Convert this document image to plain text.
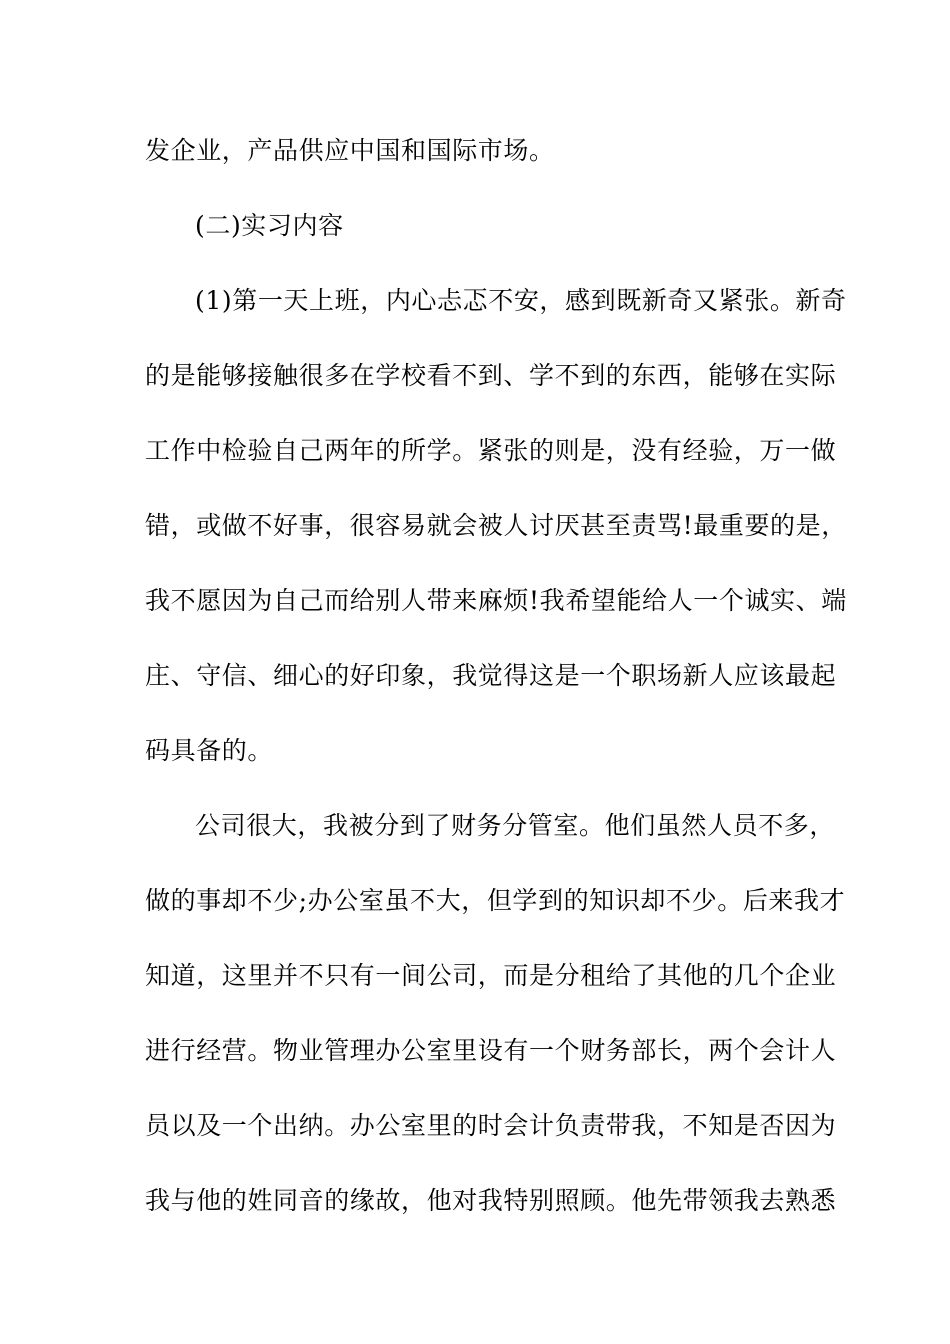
发企业，产品供应中国和国际市场。
(二)实习内容
(1)第一天上班，内心忐忑不安，感到既新奇又紧张。新奇
的是能够接触很多在学校看不到、学不到的东西，能够在实际
工作中检验自己两年的所学。紧张的则是，没有经验，万一做
错，或做不好事，很容易就会被人讨厌甚至责骂!最重要的是，
我不愿因为自己而给别人带来麻烦!我希望能给人一个诚实、端
庄、守信、细心的好印象，我觉得这是一个职场新人应该最起
码具备的。
公司很大，我被分到了财务分管室。他们虽然人员不多，
做的事却不少;办公室虽不大，但学到的知识却不少。后来我才
知道，这里并不只有一间公司，而是分租给了其他的几个企业
进行经营。物业管理办公室里设有一个财务部长，两个会计人
员以及一个出纳。办公室里的时会计负责带我，不知是否因为
我与他的姓同音的缘故，他对我特别照顾。他先带领我去熟悉
